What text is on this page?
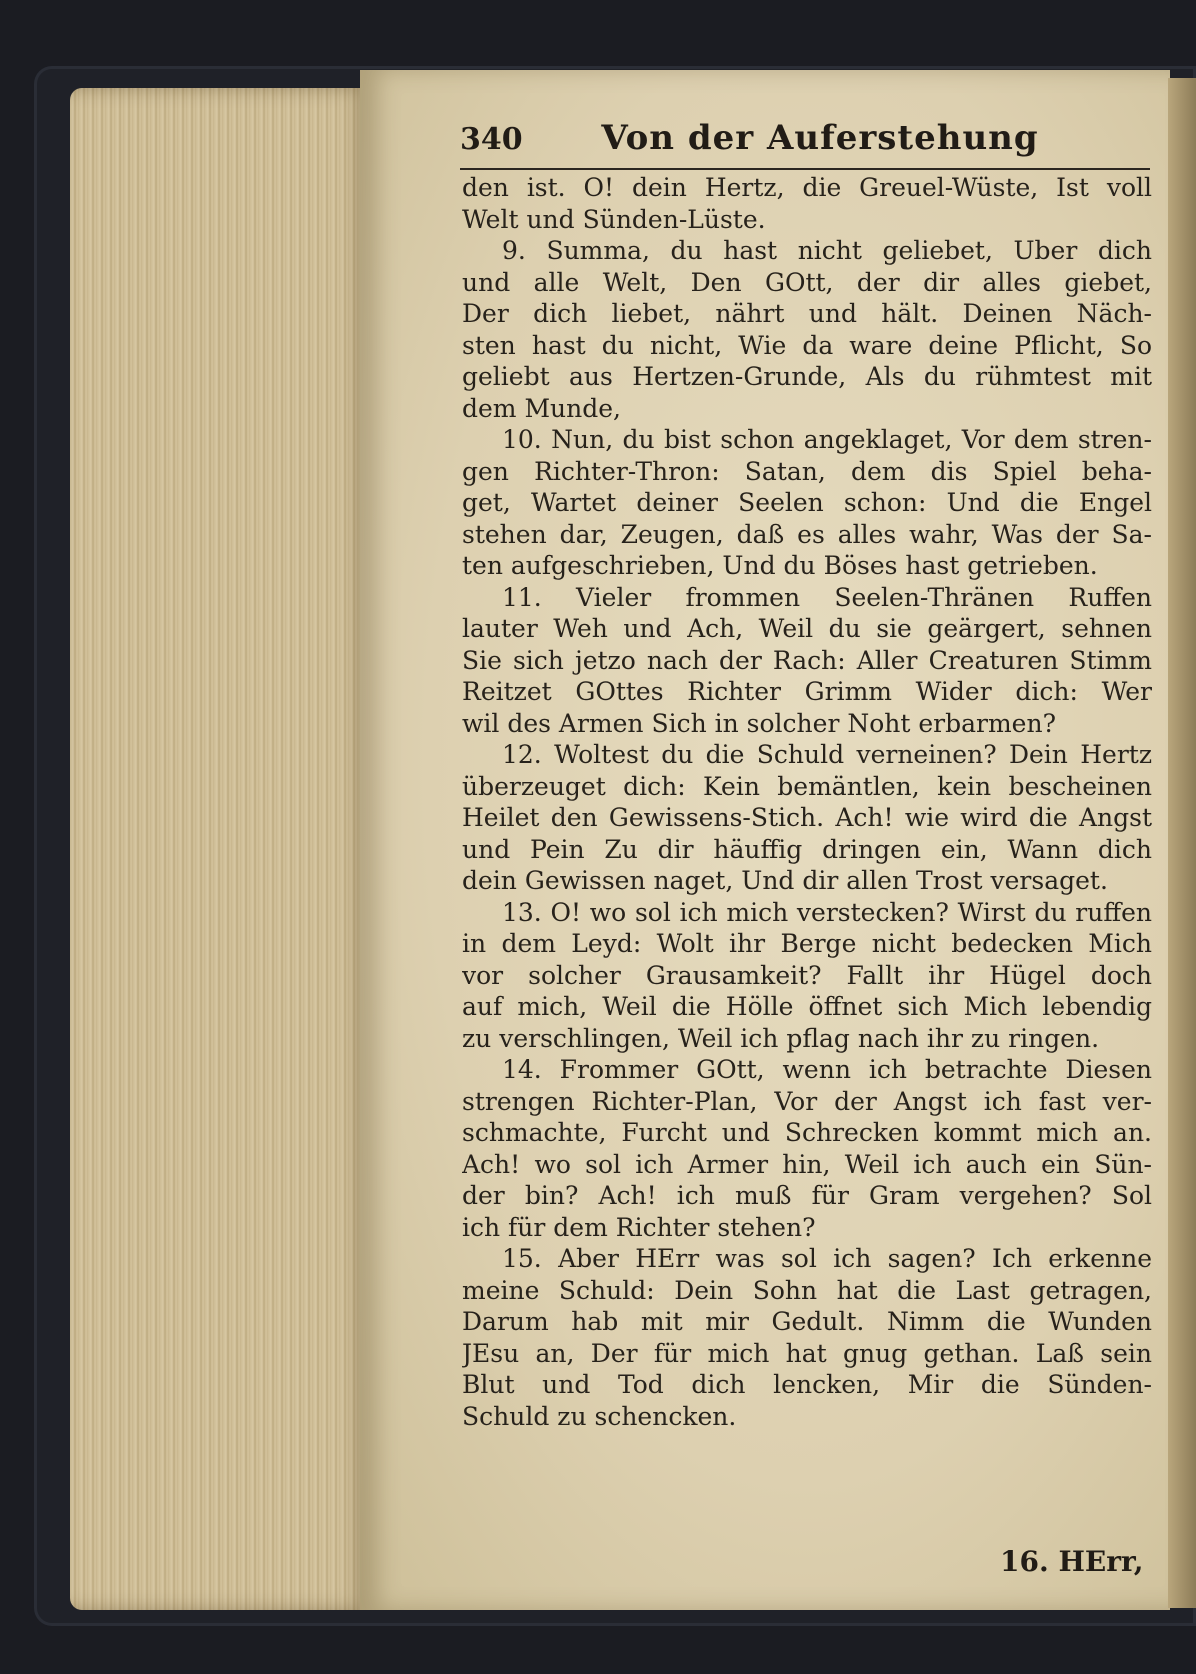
340 Von der Auferstehung
den ist. O! dein Hertz, die Greuel-Wüste, Ist voll
Welt und Sünden-Lüste.
9. Summa, du hast nicht geliebet, Uber dich
und alle Welt, Den GOtt, der dir alles giebet,
Der dich liebet, nährt und hält. Deinen Näch-
sten hast du nicht, Wie da ware deine Pflicht, So
geliebt aus Hertzen-Grunde, Als du rühmtest mit
dem Munde,
10. Nun, du bist schon angeklaget, Vor dem stren-
gen Richter-Thron: Satan, dem dis Spiel beha-
get, Wartet deiner Seelen schon: Und die Engel
stehen dar, Zeugen, daß es alles wahr, Was der Sa-
ten aufgeschrieben, Und du Böses hast getrieben.
11. Vieler frommen Seelen-Thränen Ruffen
lauter Weh und Ach, Weil du sie geärgert, sehnen
Sie sich jetzo nach der Rach: Aller Creaturen Stimm
Reitzet GOttes Richter Grimm Wider dich: Wer
wil des Armen Sich in solcher Noht erbarmen?
12. Woltest du die Schuld verneinen? Dein Hertz
überzeuget dich: Kein bemäntlen, kein bescheinen
Heilet den Gewissens-Stich. Ach! wie wird die Angst
und Pein Zu dir häuffig dringen ein, Wann dich
dein Gewissen naget, Und dir allen Trost versaget.
13. O! wo sol ich mich verstecken? Wirst du ruffen
in dem Leyd: Wolt ihr Berge nicht bedecken Mich
vor solcher Grausamkeit? Fallt ihr Hügel doch
auf mich, Weil die Hölle öffnet sich Mich lebendig
zu verschlingen, Weil ich pflag nach ihr zu ringen.
14. Frommer GOtt, wenn ich betrachte Diesen
strengen Richter-Plan, Vor der Angst ich fast ver-
schmachte, Furcht und Schrecken kommt mich an.
Ach! wo sol ich Armer hin, Weil ich auch ein Sün-
der bin? Ach! ich muß für Gram vergehen? Sol
ich für dem Richter stehen?
15. Aber HErr was sol ich sagen? Ich erkenne
meine Schuld: Dein Sohn hat die Last getragen,
Darum hab mit mir Gedult. Nimm die Wunden
JEsu an, Der für mich hat gnug gethan. Laß sein
Blut und Tod dich lencken, Mir die Sünden-
Schuld zu schencken.
16. HErr,
